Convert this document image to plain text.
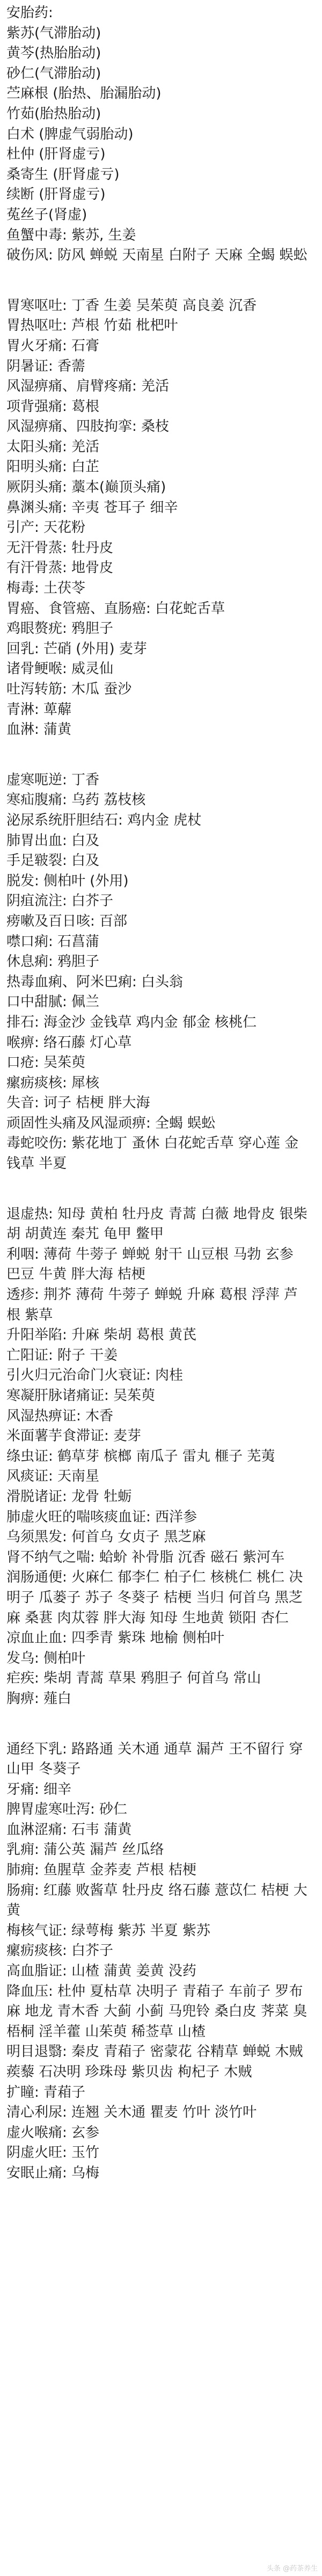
安胎药:

紫苏(气滞胎动)

黄芩(热胎胎动)

砂仁(气滞胎动)

苎麻根 (胎热、胎漏胎动)

竹茹(胎热胎动)

白术 (脾虚气弱胎动)

杜仲 (肝肾虚亏)

桑寄生 (肝肾虚亏)

续断 (肝肾虚亏)

菟丝子(肾虚)

鱼蟹中毒: 紫苏, 生姜

破伤风: 防风 蝉蜕 天南星 白附子 天麻 全蝎 蜈蚣

胃寒呕吐: 丁香 生姜 吴茱萸 高良姜 沉香

胃热呕吐: 芦根 竹茹 枇杷叶

胃火牙痛: 石膏

阴暑证: 香薷

风湿痹痛、肩臂疼痛: 羌活

项背强痛: 葛根

风湿痹痛、四肢拘挛: 桑枝

太阳头痛: 羌活

阳明头痛: 白芷

厥阴头痛: 藁本(巅顶头痛)

鼻渊头痛: 辛夷 苍耳子 细辛

引产: 天花粉

无汗骨蒸: 牡丹皮

有汗骨蒸: 地骨皮

梅毒: 土茯苓

胃癌、食管癌、直肠癌: 白花蛇舌草

鸡眼赘疣: 鸦胆子

回乳: 芒硝 (外用) 麦芽

诸骨鲠喉: 威灵仙

吐泻转筋: 木瓜 蚕沙

青淋: 萆薢

血淋: 蒲黄

虚寒呃逆: 丁香

寒疝腹痛: 乌药 荔枝核

泌尿系统肝胆结石: 鸡内金 虎杖

肺胃出血: 白及

手足皲裂: 白及

脱发: 侧柏叶 (外用)

阴疽流注: 白芥子

痨嗽及百日咳: 百部

噤口痢: 石菖蒲

休息痢: 鸦胆子

热毒血痢、阿米巴痢: 白头翁

口中甜腻: 佩兰

排石: 海金沙 金钱草 鸡内金 郁金 核桃仁

喉痹: 络石藤 灯心草

口疮: 吴茱萸

瘰疬痰核: 犀核

失音: 诃子 桔梗 胖大海

顽固性头痛及风湿顽痹: 全蝎 蜈蚣

毒蛇咬伤: 紫花地丁 蚤休 白花蛇舌草 穿心莲 金钱草 半夏

退虚热: 知母 黄柏 牡丹皮 青蒿 白薇 地骨皮 银柴胡 胡黄连 秦艽 龟甲 鳖甲

利咽: 薄荷 牛蒡子 蝉蜕 射干 山豆根 马勃 玄参 巴豆 牛黄 胖大海 桔梗

透疹: 荆芥 薄荷 牛蒡子 蝉蜕 升麻 葛根 浮萍 芦根 紫草

升阳举陷: 升麻 柴胡 葛根 黄芪

亡阳证: 附子 干姜

引火归元治命门火衰证: 肉桂

寒凝肝脉诸痛证: 吴茱萸

风湿热痹证: 木香

米面薯芋食滞证: 麦芽

绦虫证: 鹤草芽 槟榔 南瓜子 雷丸 榧子 芜荑

风痰证: 天南星

滑脱诸证: 龙骨 牡蛎

肺虚火旺的喘咳痰血证: 西洋参

乌须黑发: 何首乌 女贞子 黑芝麻

肾不纳气之喘: 蛤蚧 补骨脂 沉香 磁石 紫河车

润肠通便: 火麻仁 郁李仁 柏子仁 核桃仁 桃仁 决明子 瓜蒌子 苏子 冬葵子 桔梗 当归 何首乌 黑芝麻 桑葚 肉苁蓉 胖大海 知母 生地黄 锁阳 杏仁

凉血止血: 四季青 紫珠 地榆 侧柏叶

发乌: 侧柏叶

疟疾: 柴胡 青蒿 草果 鸦胆子 何首乌 常山

胸痹: 薤白

通经下乳: 路路通 关木通 通草 漏芦 王不留行 穿山甲 冬葵子

牙痛: 细辛

脾胃虚寒吐泻: 砂仁

血淋涩痛: 石韦 蒲黄

乳痈: 蒲公英 漏芦 丝瓜络

肺痈: 鱼腥草 金荞麦 芦根 桔梗

肠痈: 红藤 败酱草 牡丹皮 络石藤 薏苡仁 桔梗 大黄

梅核气证: 绿萼梅 紫苏 半夏 紫苏

瘰疬痰核: 白芥子

高血脂证: 山楂 蒲黄 姜黄 没药

降血压: 杜仲 夏枯草 决明子 青葙子 车前子 罗布麻 地龙 青木香 大蓟 小蓟 马兜铃 桑白皮 荠菜 臭梧桐 淫羊藿 山茱萸 稀莶草 山楂

明目退翳: 秦皮 青葙子 密蒙花 谷精草 蝉蜕 木贼 蒺藜 石决明 珍珠母 紫贝齿 枸杞子 木贼

扩瞳: 青葙子

清心利尿: 连翘 关木通 瞿麦 竹叶 淡竹叶

虚火喉痛: 玄参

阴虚火旺: 玉竹

安眠止痛: 乌梅

头条 @药茶养生
